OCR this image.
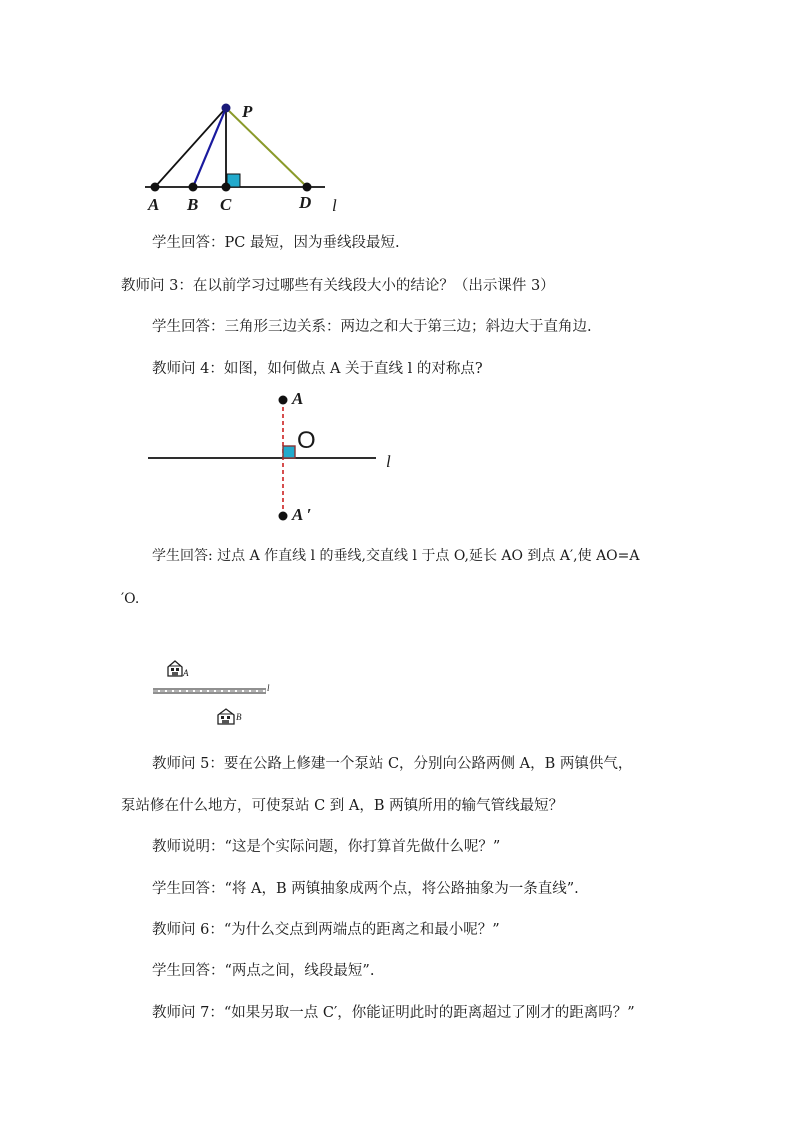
P
A B C	D l
学生回答：PC 最短，因为垂线段最短.
教师问 3：在以前学习过哪些有关线段大小的结论？（出示课件 3）
学生回答：三角形三边关系：两边之和大于第三边；斜边大于直角边.
教师问 4：如图，如何做点 A 关于直线 l 的对称点?
A
O
l
A ′
学生回答: 过点 A 作直线 l 的垂线,交直线 l 于点 O,延长 AO 到点 A′,使 AO=A
′O.
A
l
B
教师问 5：要在公路上修建一个泵站 C，分别向公路两侧 A，B 两镇供气，
泵站修在什么地方，可使泵站 C 到 A，B 两镇所用的输气管线最短？
教师说明：“这是个实际问题，你打算首先做什么呢？”
学生回答：“将 A，B 两镇抽象成两个点，将公路抽象为一条直线”.
教师问 6：“为什么交点到两端点的距离之和最小呢？”
学生回答：“两点之间，线段最短”.
教师问 7：“如果另取一点 C′，你能证明此时的距离超过了刚才的距离吗？”
